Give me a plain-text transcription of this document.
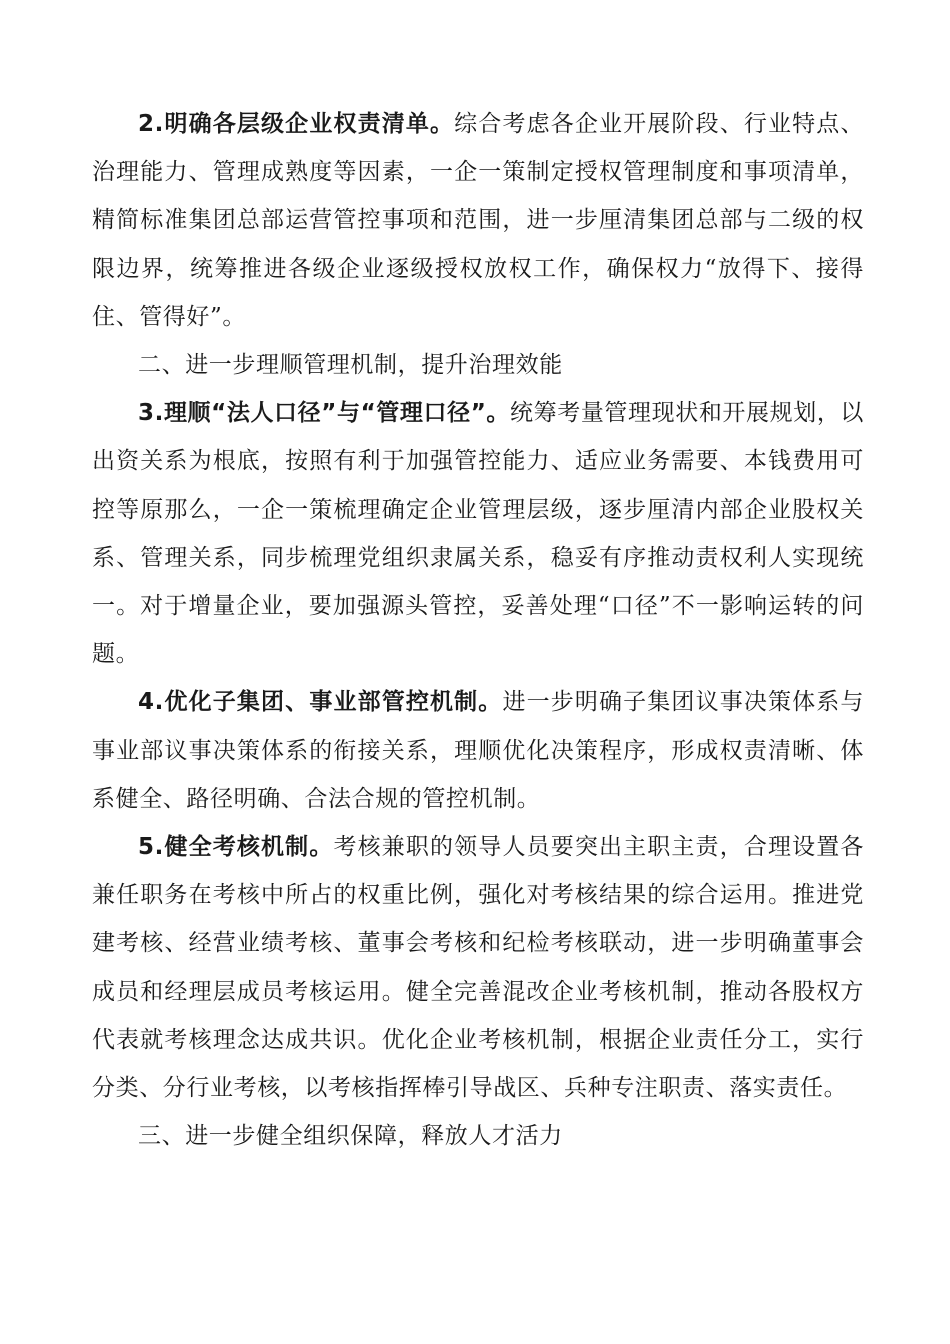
2.明确各层级企业权责清单。综合考虑各企业开展阶段、行业特点、治理能力、管理成熟度等因素，一企一策制定授权管理制度和事项清单，精简标准集团总部运营管控事项和范围，进一步厘清集团总部与二级的权限边界，统筹推进各级企业逐级授权放权工作，确保权力“放得下、接得住、管得好”。

二、进一步理顺管理机制，提升治理效能

3.理顺“法人口径”与“管理口径”。统筹考量管理现状和开展规划，以出资关系为根底，按照有利于加强管控能力、适应业务需要、本钱费用可控等原那么，一企一策梳理确定企业管理层级，逐步厘清内部企业股权关系、管理关系，同步梳理党组织隶属关系，稳妥有序推动责权利人实现统一。对于增量企业，要加强源头管控，妥善处理“口径”不一影响运转的问题。

4.优化子集团、事业部管控机制。进一步明确子集团议事决策体系与事业部议事决策体系的衔接关系，理顺优化决策程序，形成权责清晰、体系健全、路径明确、合法合规的管控机制。

5.健全考核机制。考核兼职的领导人员要突出主职主责，合理设置各兼任职务在考核中所占的权重比例，强化对考核结果的综合运用。推进党建考核、经营业绩考核、董事会考核和纪检考核联动，进一步明确董事会成员和经理层成员考核运用。健全完善混改企业考核机制，推动各股权方代表就考核理念达成共识。优化企业考核机制，根据企业责任分工，实行分类、分行业考核，以考核指挥棒引导战区、兵种专注职责、落实责任。

三、进一步健全组织保障，释放人才活力
